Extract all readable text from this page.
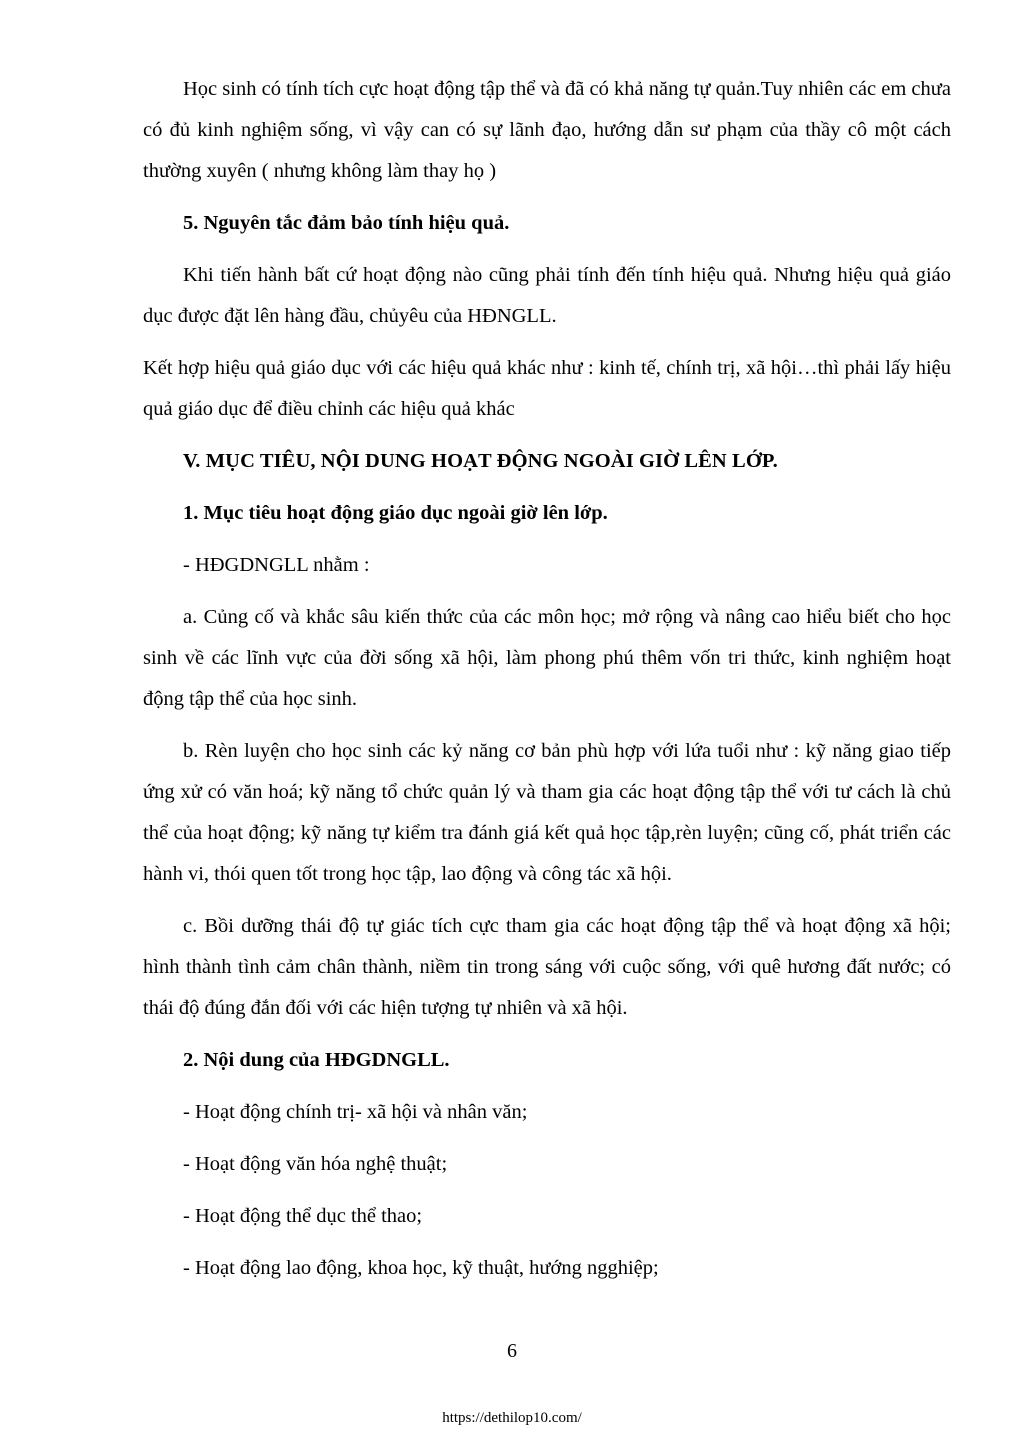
Học sinh có tính tích cực hoạt động tập thể và đã có khả năng tự quản.Tuy nhiên các em chưa có đủ kinh nghiệm sống, vì vậy can có sự lãnh đạo, hướng dẫn sư phạm của thầy cô một cách thường xuyên ( nhưng không làm thay họ )

5. Nguyên tắc đảm bảo tính hiệu quả.

Khi tiến hành bất cứ hoạt động nào cũng phải tính đến tính hiệu quả. Nhưng hiệu quả giáo dục được đặt lên hàng đầu, chủyêu của HĐNGLL.

Kết hợp hiệu quả giáo dục với các hiệu quả khác như : kinh tế, chính trị, xã hội…thì phải lấy hiệu quả giáo dục để điều chỉnh các hiệu quả khác

V. MỤC TIÊU, NỘI DUNG HOẠT ĐỘNG NGOÀI GIỜ LÊN LỚP.

1. Mục tiêu hoạt động giáo dục ngoài giờ lên lớp.

- HĐGDNGLL nhằm :

a. Củng cố và khắc sâu kiến thức của các môn học; mở rộng và nâng cao hiểu biết cho học sinh về các lĩnh vực của đời sống xã hội, làm phong phú thêm vốn tri thức, kinh nghiệm hoạt động tập thể của học sinh.

b. Rèn luyện cho học sinh các kỷ năng cơ bản phù hợp với lứa tuổi như : kỹ năng giao tiếp ứng xử có văn hoá; kỹ năng tổ chức quản lý và tham gia các hoạt động tập thể với tư cách là chủ thể của hoạt động; kỹ năng tự kiểm tra đánh giá kết quả học tập,rèn luyện; cũng cố, phát triển các hành vi, thói quen tốt trong học tập, lao động và công tác xã hội.

c. Bồi dưỡng thái độ tự giác tích cực tham gia các hoạt động tập thể và hoạt động xã hội; hình thành tình cảm chân thành, niềm tin trong sáng với cuộc sống, với quê hương đất nước; có thái độ đúng đắn đối với các hiện tượng tự nhiên và xã hội.

2. Nội dung của HĐGDNGLL.

- Hoạt động chính trị- xã hội và nhân văn;

- Hoạt động văn hóa nghệ thuật;

- Hoạt động thể dục thể thao;

- Hoạt động lao động, khoa học, kỹ thuật, hướng ngghiệp;

6
https://dethilop10.com/
